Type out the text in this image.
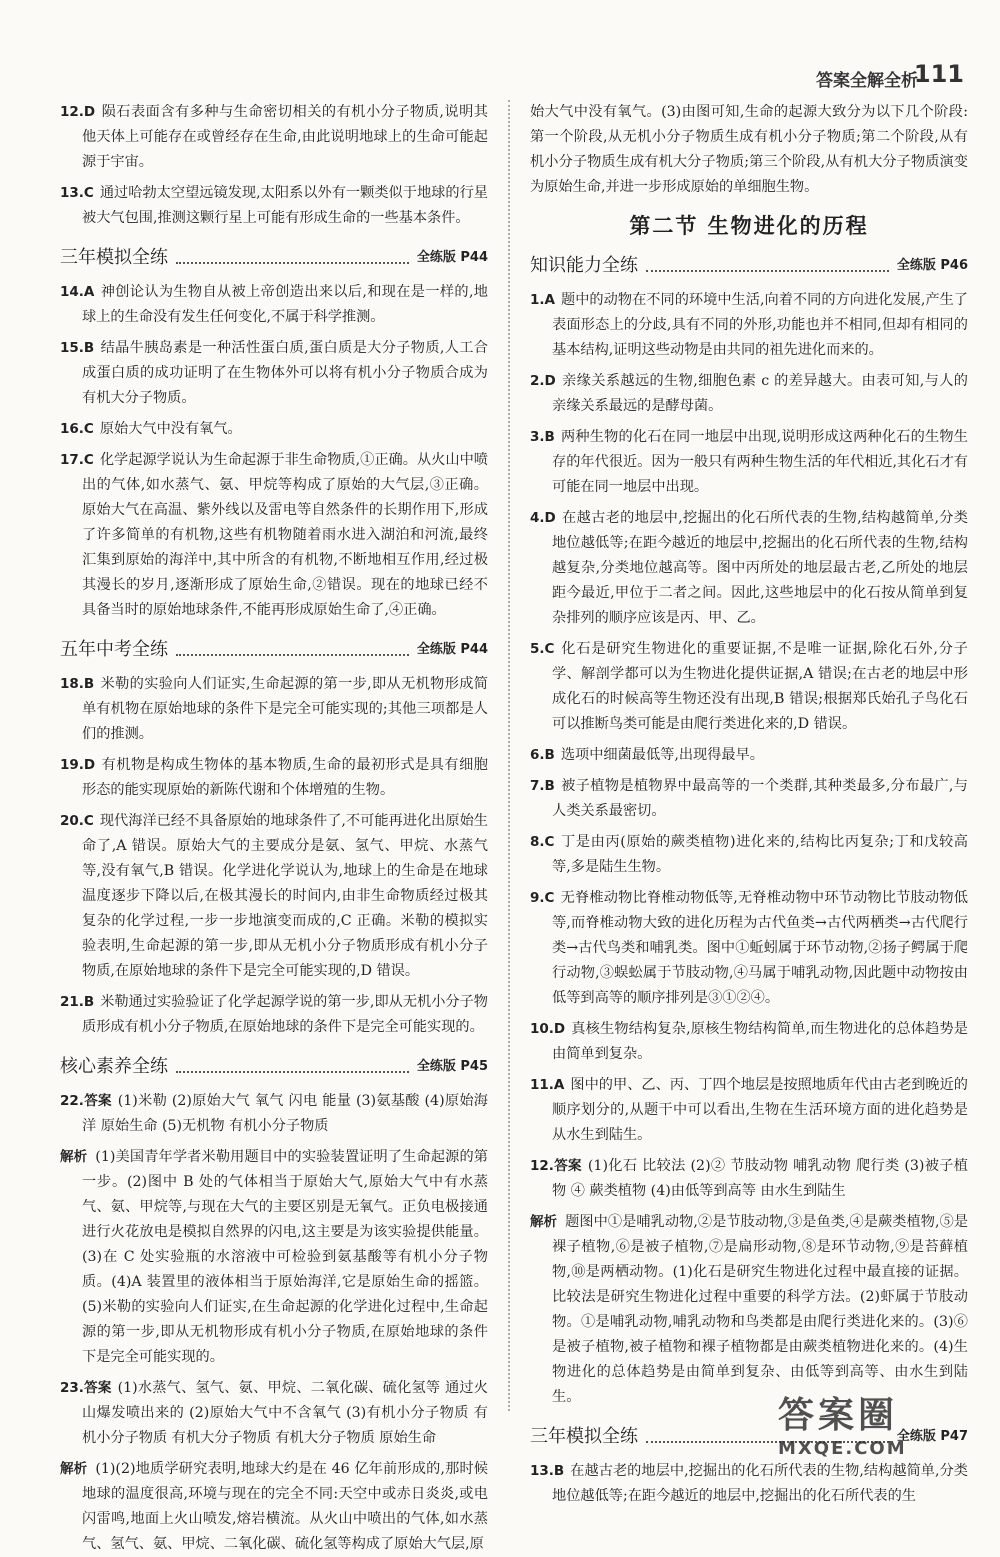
答案全解全析
111
12.D 陨石表面含有多种与生命密切相关的有机小分子物质,说明其他天体上可能存在或曾经存在生命,由此说明地球上的生命可能起源于宇宙。
13.C 通过哈勃太空望远镜发现,太阳系以外有一颗类似于地球的行星被大气包围,推测这颗行星上可能有形成生命的一些基本条件。
三年模拟全练	全练版 P44
14.A 神创论认为生物自从被上帝创造出来以后,和现在是一样的,地球上的生命没有发生任何变化,不属于科学推测。
15.B 结晶牛胰岛素是一种活性蛋白质,蛋白质是大分子物质,人工合成蛋白质的成功证明了在生物体外可以将有机小分子物质合成为有机大分子物质。
16.C 原始大气中没有氧气。
17.C 化学起源学说认为生命起源于非生命物质,①正确。从火山中喷出的气体,如水蒸气、氨、甲烷等构成了原始的大气层,③正确。原始大气在高温、紫外线以及雷电等自然条件的长期作用下,形成了许多简单的有机物,这些有机物随着雨水进入湖泊和河流,最终汇集到原始的海洋中,其中所含的有机物,不断地相互作用,经过极其漫长的岁月,逐渐形成了原始生命,②错误。现在的地球已经不具备当时的原始地球条件,不能再形成原始生命了,④正确。
五年中考全练	全练版 P44
18.B 米勒的实验向人们证实,生命起源的第一步,即从无机物形成简单有机物在原始地球的条件下是完全可能实现的;其他三项都是人们的推测。
19.D 有机物是构成生物体的基本物质,生命的最初形式是具有细胞形态的能实现原始的新陈代谢和个体增殖的生物。
20.C 现代海洋已经不具备原始的地球条件了,不可能再进化出原始生命了,A 错误。原始大气的主要成分是氨、氢气、甲烷、水蒸气等,没有氧气,B 错误。化学进化学说认为,地球上的生命是在地球温度逐步下降以后,在极其漫长的时间内,由非生命物质经过极其复杂的化学过程,一步一步地演变而成的,C 正确。米勒的模拟实验表明,生命起源的第一步,即从无机小分子物质形成有机小分子物质,在原始地球的条件下是完全可能实现的,D 错误。
21.B 米勒通过实验验证了化学起源学说的第一步,即从无机小分子物质形成有机小分子物质,在原始地球的条件下是完全可能实现的。
核心素养全练	全练版 P45
22.答案 (1)米勒 (2)原始大气 氧气 闪电 能量 (3)氨基酸 (4)原始海洋 原始生命 (5)无机物 有机小分子物质
解析 (1)美国青年学者米勒用题目中的实验装置证明了生命起源的第一步。(2)图中 B 处的气体相当于原始大气,原始大气中有水蒸气、氨、甲烷等,与现在大气的主要区别是无氧气。正负电极接通进行火花放电是模拟自然界的闪电,这主要是为该实验提供能量。(3)在 C 处实验瓶的水溶液中可检验到氨基酸等有机小分子物质。(4)A 装置里的液体相当于原始海洋,它是原始生命的摇篮。(5)米勒的实验向人们证实,在生命起源的化学进化过程中,生命起源的第一步,即从无机物形成有机小分子物质,在原始地球的条件下是完全可能实现的。
23.答案 (1)水蒸气、氢气、氨、甲烷、二氧化碳、硫化氢等 通过火山爆发喷出来的 (2)原始大气中不含氧气 (3)有机小分子物质 有机小分子物质 有机大分子物质 有机大分子物质 原始生命
解析 (1)(2)地质学研究表明,地球大约是在 46 亿年前形成的,那时候地球的温度很高,环境与现在的完全不同:天空中或赤日炎炎,或电闪雷鸣,地面上火山喷发,熔岩横流。从火山中喷出的气体,如水蒸气、氢气、氨、甲烷、二氧化碳、硫化氢等构成了原始大气层,原
始大气中没有氧气。(3)由图可知,生命的起源大致分为以下几个阶段:第一个阶段,从无机小分子物质生成有机小分子物质;第二个阶段,从有机小分子物质生成有机大分子物质;第三个阶段,从有机大分子物质演变为原始生命,并进一步形成原始的单细胞生物。
第二节 生物进化的历程
知识能力全练	全练版 P46
1.A 题中的动物在不同的环境中生活,向着不同的方向进化发展,产生了表面形态上的分歧,具有不同的外形,功能也并不相同,但却有相同的基本结构,证明这些动物是由共同的祖先进化而来的。
2.D 亲缘关系越远的生物,细胞色素 c 的差异越大。由表可知,与人的亲缘关系最远的是酵母菌。
3.B 两种生物的化石在同一地层中出现,说明形成这两种化石的生物生存的年代很近。因为一般只有两种生物生活的年代相近,其化石才有可能在同一地层中出现。
4.D 在越古老的地层中,挖掘出的化石所代表的生物,结构越简单,分类地位越低等;在距今越近的地层中,挖掘出的化石所代表的生物,结构越复杂,分类地位越高等。图中丙所处的地层最古老,乙所处的地层距今最近,甲位于二者之间。因此,这些地层中的化石按从简单到复杂排列的顺序应该是丙、甲、乙。
5.C 化石是研究生物进化的重要证据,不是唯一证据,除化石外,分子学、解剖学都可以为生物进化提供证据,A 错误;在古老的地层中形成化石的时候高等生物还没有出现,B 错误;根据郑氏始孔子鸟化石可以推断鸟类可能是由爬行类进化来的,D 错误。
6.B 选项中细菌最低等,出现得最早。
7.B 被子植物是植物界中最高等的一个类群,其种类最多,分布最广,与人类关系最密切。
8.C 丁是由丙(原始的蕨类植物)进化来的,结构比丙复杂;丁和戊较高等,多是陆生生物。
9.C 无脊椎动物比脊椎动物低等,无脊椎动物中环节动物比节肢动物低等,而脊椎动物大致的进化历程为古代鱼类→古代两栖类→古代爬行类→古代鸟类和哺乳类。图中①蚯蚓属于环节动物,②扬子鳄属于爬行动物,③蜈蚣属于节肢动物,④马属于哺乳动物,因此题中动物按由低等到高等的顺序排列是③①②④。
10.D 真核生物结构复杂,原核生物结构简单,而生物进化的总体趋势是由简单到复杂。
11.A 图中的甲、乙、丙、丁四个地层是按照地质年代由古老到晚近的顺序划分的,从题干中可以看出,生物在生活环境方面的进化趋势是从水生到陆生。
12.答案 (1)化石 比较法 (2)② 节肢动物 哺乳动物 爬行类 (3)被子植物 ④ 蕨类植物 (4)由低等到高等 由水生到陆生
解析 题图中①是哺乳动物,②是节肢动物,③是鱼类,④是蕨类植物,⑤是裸子植物,⑥是被子植物,⑦是扁形动物,⑧是环节动物,⑨是苔藓植物,⑩是两栖动物。(1)化石是研究生物进化过程中最直接的证据。比较法是研究生物进化过程中重要的科学方法。(2)虾属于节肢动物。①是哺乳动物,哺乳动物和鸟类都是由爬行类进化来的。(3)⑥是被子植物,被子植物和裸子植物都是由蕨类植物进化来的。(4)生物进化的总体趋势是由简单到复杂、由低等到高等、由水生到陆生。
三年模拟全练	全练版 P47
13.B 在越古老的地层中,挖掘出的化石所代表的生物,结构越简单,分类地位越低等;在距今越近的地层中,挖掘出的化石所代表的生
答案圈
MXQE.COM
